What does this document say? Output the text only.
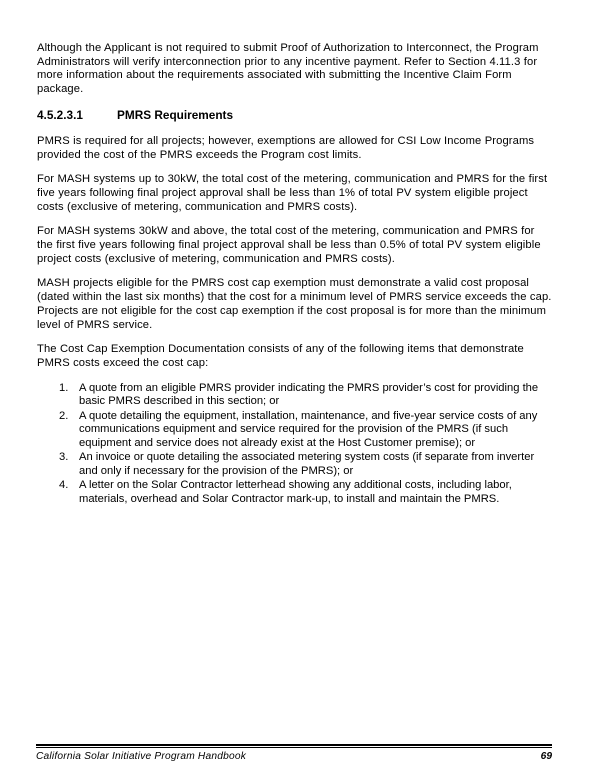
Although the Applicant is not required to submit Proof of Authorization to Interconnect, the Program Administrators will verify interconnection prior to any incentive payment. Refer to Section 4.11.3 for more information about the requirements associated with submitting the Incentive Claim Form package.

4.5.2.3.1	PMRS Requirements

PMRS is required for all projects; however, exemptions are allowed for CSI Low Income Programs provided the cost of the PMRS exceeds the Program cost limits.

For MASH systems up to 30kW, the total cost of the metering, communication and PMRS for the first five years following final project approval shall be less than 1% of total PV system eligible project costs (exclusive of metering, communication and PMRS costs).

For MASH systems 30kW and above, the total cost of the metering, communication and PMRS for the first five years following final project approval shall be less than 0.5% of total PV system eligible project costs (exclusive of metering, communication and PMRS costs).

MASH projects eligible for the PMRS cost cap exemption must demonstrate a valid cost proposal (dated within the last six months) that the cost for a minimum level of PMRS service exceeds the cap. Projects are not eligible for the cost cap exemption if the cost proposal is for more than the minimum level of PMRS service.

The Cost Cap Exemption Documentation consists of any of the following items that demonstrate PMRS costs exceed the cost cap:

1. A quote from an eligible PMRS provider indicating the PMRS provider’s cost for providing the basic PMRS described in this section; or
2. A quote detailing the equipment, installation, maintenance, and five-year service costs of any communications equipment and service required for the provision of the PMRS (if such equipment and service does not already exist at the Host Customer premise); or
3. An invoice or quote detailing the associated metering system costs (if separate from inverter and only if necessary for the provision of the PMRS); or
4. A letter on the Solar Contractor letterhead showing any additional costs, including labor, materials, overhead and Solar Contractor mark-up, to install and maintain the PMRS.
California Solar Initiative Program Handbook	69
